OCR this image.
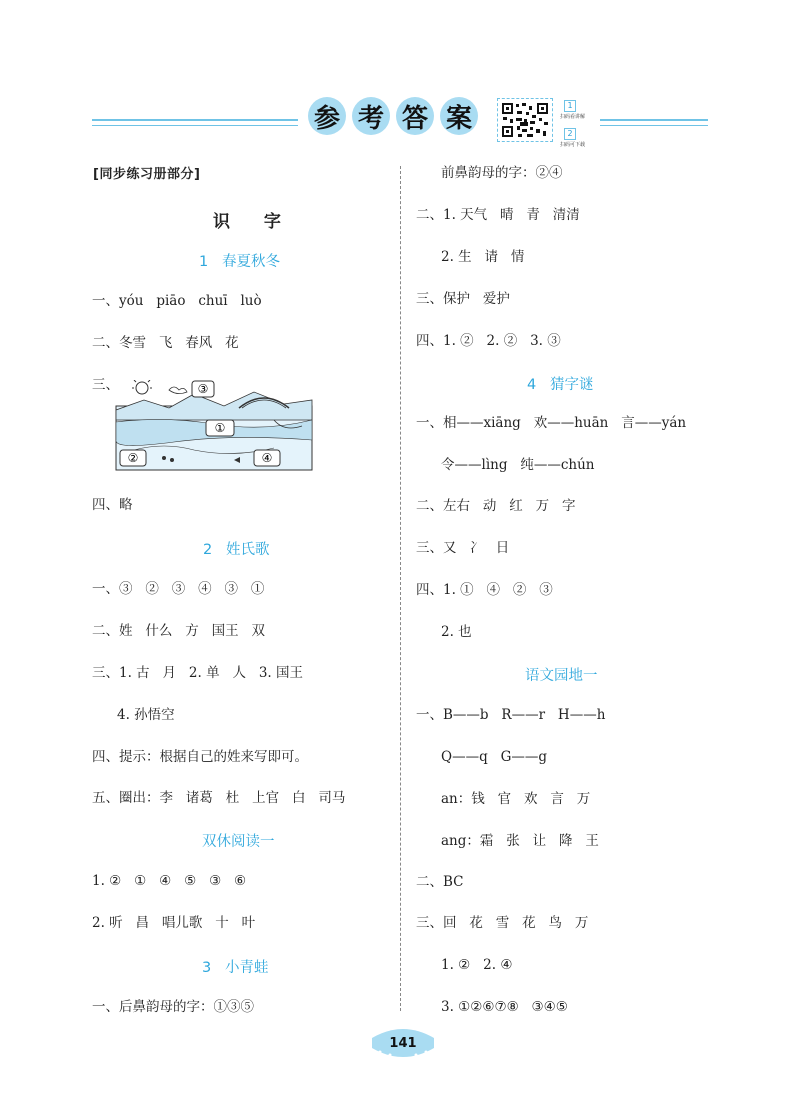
参 考 答 案	1
扫码看讲解
2
扫码可下载
[同步练习册部分]
识 字
1   春夏秋冬
一、yóu   piāo   chuī   luò
二、冬雪   飞   春风   花
三、	③
①
②	④
四、略
2   姓氏歌
一、③   ②   ③   ④   ③   ①
二、姓   什么   方   国王   双
三、1. 古   月   2. 单   人   3. 国王
4. 孙悟空
四、提示：根据自己的姓来写即可。
五、圈出：李   诸葛   杜   上官   白   司马
双休阅读一
1. ②   ①   ④   ⑤   ③   ⑥
2. 听   昌   唱儿歌   十   叶
3   小青蛙
一、后鼻韵母的字：①③⑤
前鼻韵母的字：②④
二、1. 天气   晴   青   清清
2. 生   请   情
三、保护   爱护
四、1. ②   2. ②   3. ③
4   猜字谜
一、相——xiāng   欢——huān   言——yán
令——lìng   纯——chún
二、左右   动   红   万   字
三、又   冫   日
四、1. ①   ④   ②   ③
2. 也
语文园地一
一、B——b   R——r   H——h
Q——q   G——g
an：钱   官   欢   言   万
ang：霜   张   让   降   王
二、BC
三、回   花   雪   花   鸟   万
1. ②   2. ④
3. ①②⑥⑦⑧   ③④⑤
141
